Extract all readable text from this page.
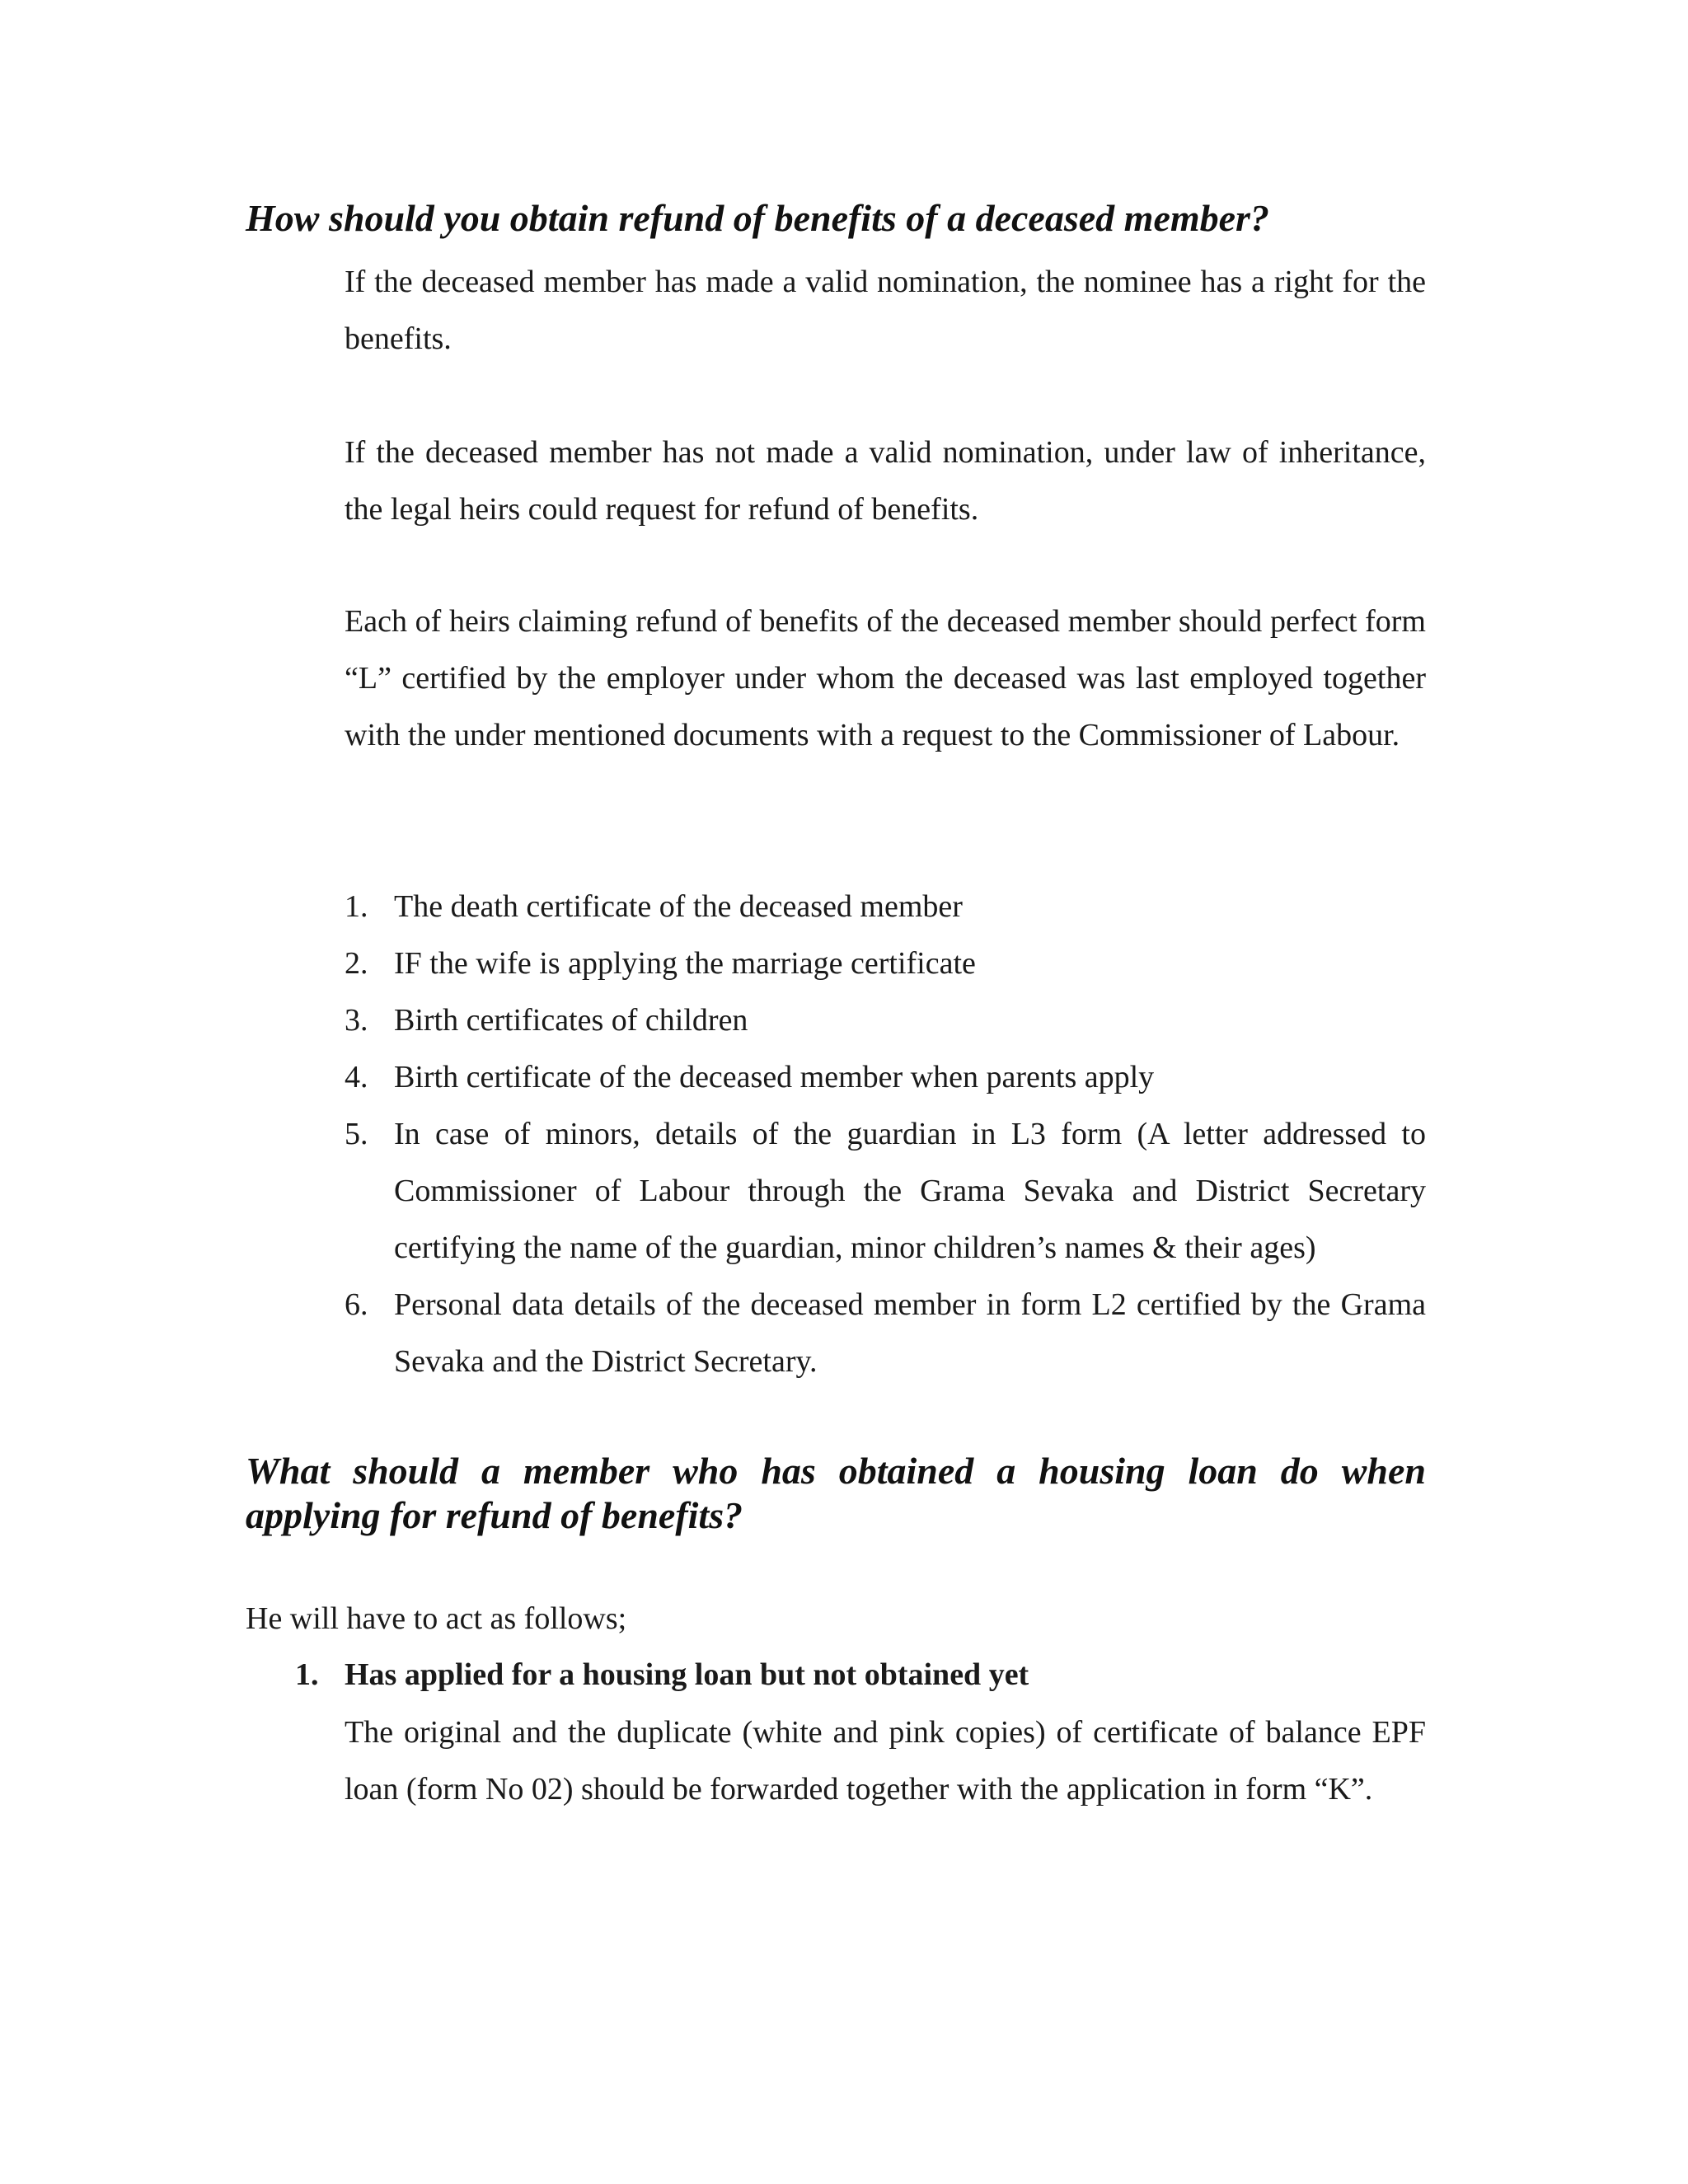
How should you obtain refund of benefits of a deceased member?

If the deceased member has made a valid nomination, the nominee has a right for the benefits.

If the deceased member has not made a valid nomination, under law of inheritance, the legal heirs could request for refund of benefits.

Each of heirs claiming refund of benefits of the deceased member should perfect form “L” certified by the employer under whom the deceased was last employed together with the under mentioned documents with a request to the Commissioner of Labour.

1. The death certificate of the deceased member
2. IF the wife is applying the marriage certificate
3. Birth certificates of children
4. Birth certificate of the deceased member when parents apply
5. In case of minors, details of the guardian in L3 form (A letter addressed to Commissioner of Labour through the Grama Sevaka and District Secretary certifying the name of the guardian, minor children’s names & their ages)
6. Personal data details of the deceased member in form L2 certified by the Grama Sevaka and the District Secretary.
What should a member who has obtained a housing loan do when
applying for refund of benefits?

He will have to act as follows;

1. Has applied for a housing loan but not obtained yet

The original and the duplicate (white and pink copies) of certificate of balance EPF loan (form No 02) should be forwarded together with the application in form “K”.
